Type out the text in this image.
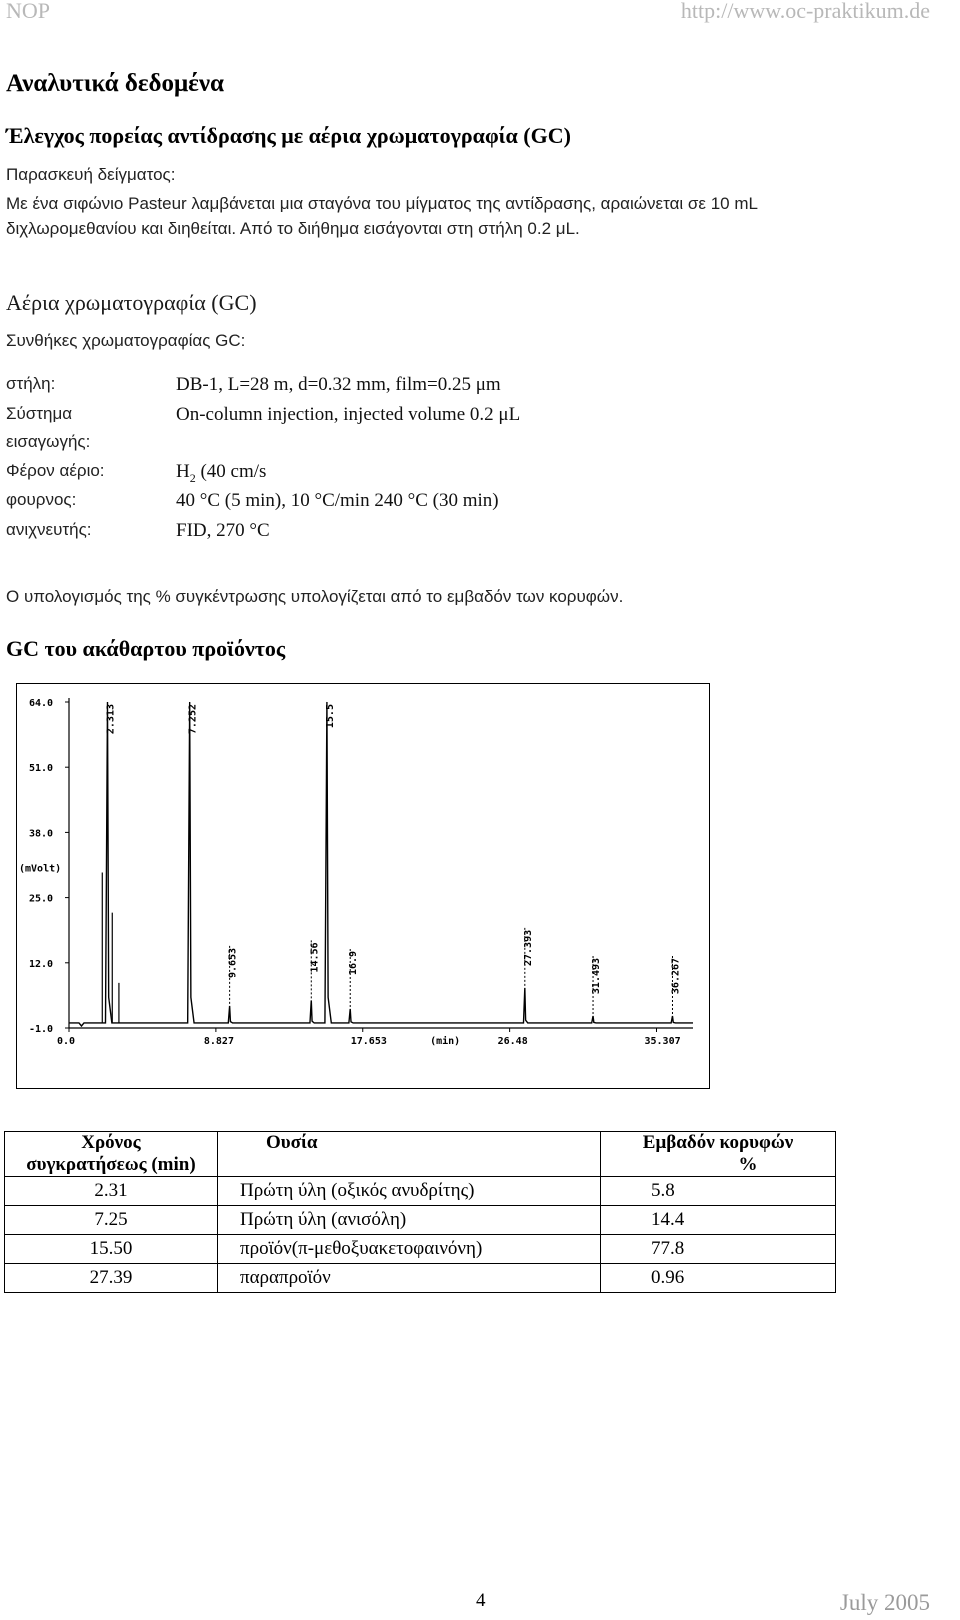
NOP	http://www.oc-praktikum.de
Αναλυτικά δεδομένα
Έλεγχος πορείας αντίδρασης με αέρια χρωματογραφία (GC)
Παρασκευή δείγματος:
Με ένα σιφώνιο Pasteur λαμβάνεται μια σταγόνα του μίγματος της αντίδρασης, αραιώνεται σε 10 mL
διχλωρομεθανίου και διηθείται. Από το διήθημα εισάγονται στη στήλη 0.2 μL.
Αέρια χρωματογραφία (GC)
Συνθήκες χρωματογραφίας GC:
στήλη:	DB-1, L=28 m, d=0.32 mm, film=0.25 μm
Σύστημα
εισαγωγής:
On-column injection, injected volume 0.2 μL
Φέρον αέριο:	$H_2$ (40 cm/s
φουρνος:	40 °C (5 min), 10 °C/min 240 °C (30 min)
ανιχνευτής:	FID, 270 °C
Ο υπολογισμός της % συγκέντρωσης υπολογίζεται από το εμβαδόν των κορυφών.
GC του ακάθαρτου προϊόντος
64.0
51.0
38.0
25.0
12.0
-1.0
(mVolt)
0.0	8.827	17.653	26.48	35.307
(min)
2.313	7.252
9.653	14.56
15.5
16.9	27.393
31.493	36.267
Χρόνος
συγκρατήσεως (min)	Ουσία	Εμβαδόν κορυφών
%
2.31	Πρώτη ύλη (οξικός ανυδρίτης)	5.8
7.25	Πρώτη ύλη (ανισόλη)	14.4
15.50	προϊόν(π-μεθοξυακετοφαινόνη)	77.8
27.39	παραπροϊόν	0.96
4	July 2005
